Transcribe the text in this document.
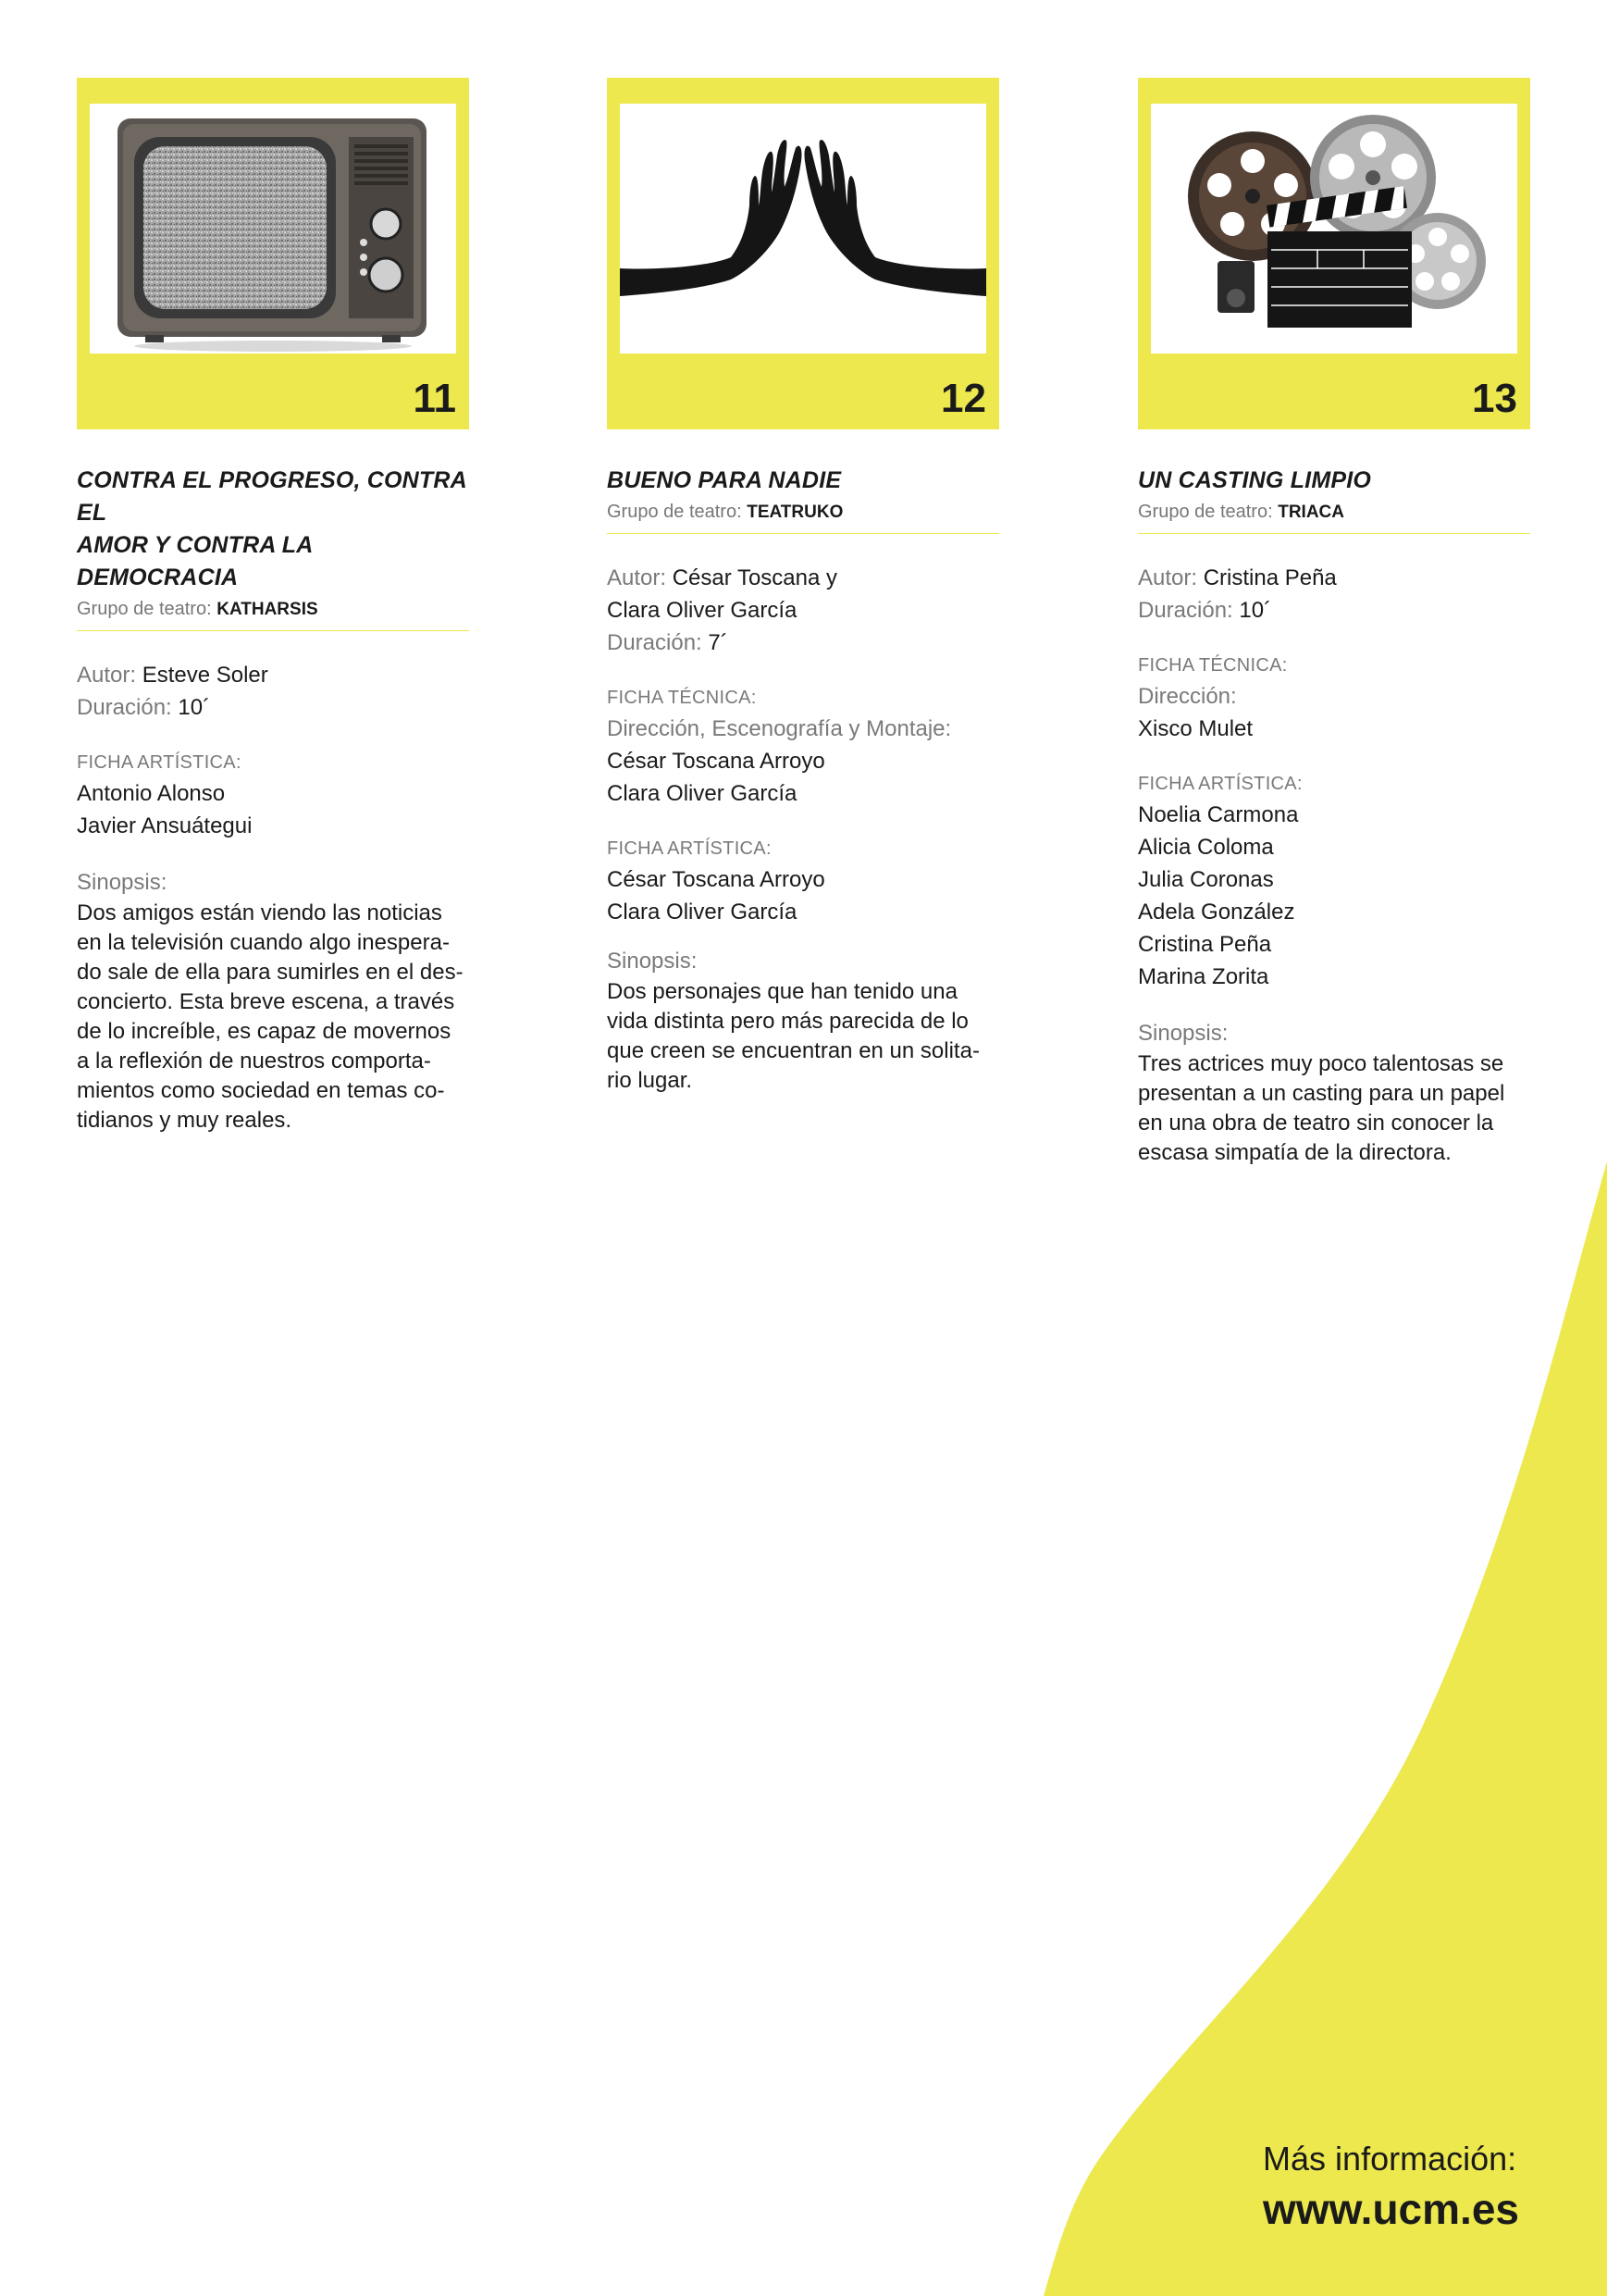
11
CONTRA EL PROGRESO, CONTRA EL
AMOR Y CONTRA LA DEMOCRACIA
Grupo de teatro: KATHARSIS
Autor: Esteve Soler
Duración: 10´
FICHA ARTÍSTICA:
Antonio Alonso
Javier Ansuátegui
Sinopsis:
Dos amigos están viendo las noticias
en la televisión cuando algo inespera-
do sale de ella para sumirles en el des-
concierto. Esta breve escena, a través
de lo increíble, es capaz de movernos
a la reflexión de nuestros comporta-
mientos como sociedad en temas co-
tidianos y muy reales.
12
BUENO PARA NADIE
Grupo de teatro: TEATRUKO
Autor: César Toscana y
Clara Oliver García
Duración: 7´
FICHA TÉCNICA:
Dirección, Escenografía y Montaje:
César Toscana Arroyo
Clara Oliver García
FICHA ARTÍSTICA:
César Toscana Arroyo
Clara Oliver García
Sinopsis:
Dos personajes que han tenido una
vida distinta pero más parecida de lo
que creen se encuentran en un solita-
rio lugar.
13
UN CASTING LIMPIO
Grupo de teatro: TRIACA
Autor: Cristina Peña
Duración: 10´
FICHA TÉCNICA:
Dirección:
Xisco Mulet
FICHA ARTÍSTICA:
Noelia Carmona
Alicia Coloma
Julia Coronas
Adela González
Cristina Peña
Marina Zorita
Sinopsis:
Tres actrices muy poco talentosas se
presentan a un casting para un papel
en una obra de teatro sin conocer la
escasa simpatía de la directora.
Más información:
www.ucm.es
